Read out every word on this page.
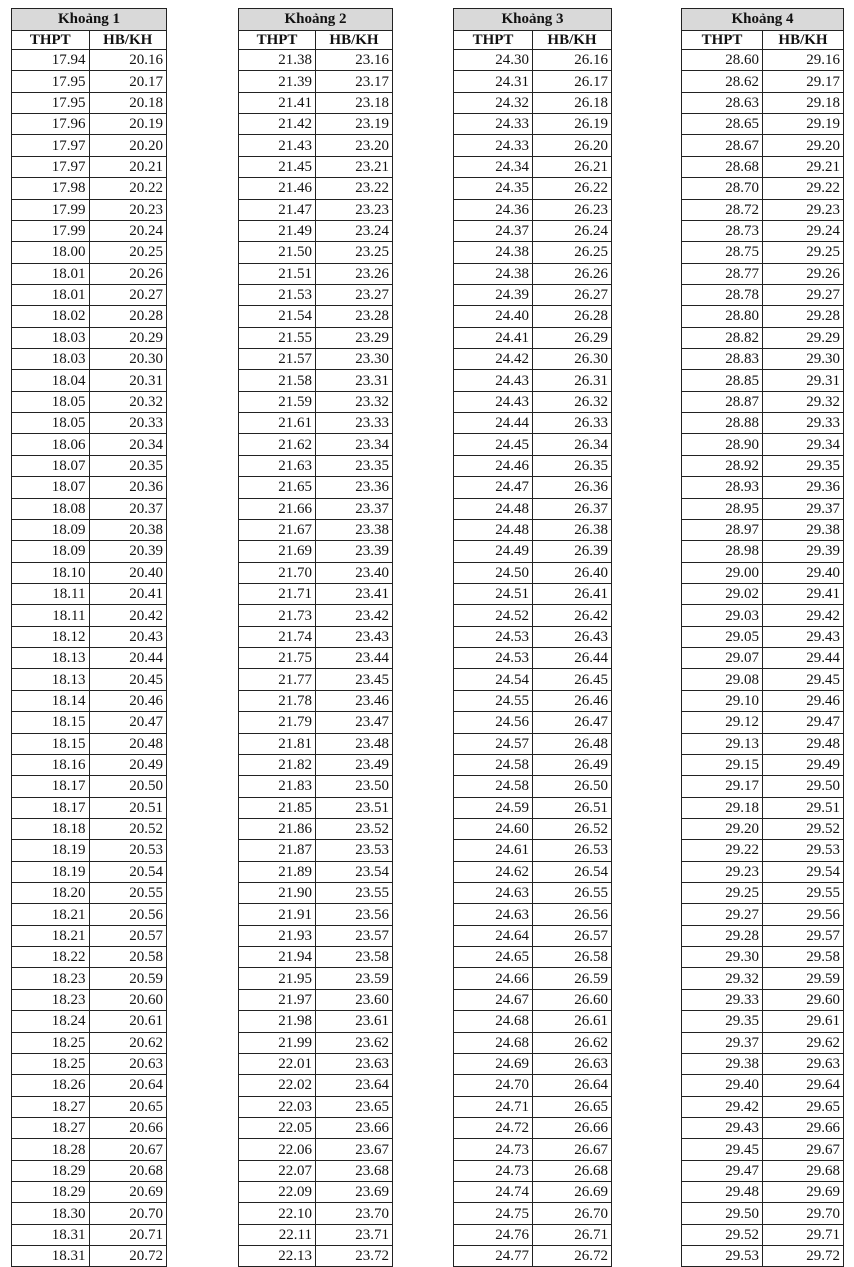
Khoảng 1	
THPT	HB/KH
17.94	20.16
17.95	20.17
17.95	20.18
17.96	20.19
17.97	20.20
17.97	20.21
17.98	20.22
17.99	20.23
17.99	20.24
18.00	20.25
18.01	20.26
18.01	20.27
18.02	20.28
18.03	20.29
18.03	20.30
18.04	20.31
18.05	20.32
18.05	20.33
18.06	20.34
18.07	20.35
18.07	20.36
18.08	20.37
18.09	20.38
18.09	20.39
18.10	20.40
18.11	20.41
18.11	20.42
18.12	20.43
18.13	20.44
18.13	20.45
18.14	20.46
18.15	20.47
18.15	20.48
18.16	20.49
18.17	20.50
18.17	20.51
18.18	20.52
18.19	20.53
18.19	20.54
18.20	20.55
18.21	20.56
18.21	20.57
18.22	20.58
18.23	20.59
18.23	20.60
18.24	20.61
18.25	20.62
18.25	20.63
18.26	20.64
18.27	20.65
18.27	20.66
18.28	20.67
18.29	20.68
18.29	20.69
18.30	20.70
18.31	20.71
18.31	20.72
Khoảng 2	
THPT	HB/KH
21.38	23.16
21.39	23.17
21.41	23.18
21.42	23.19
21.43	23.20
21.45	23.21
21.46	23.22
21.47	23.23
21.49	23.24
21.50	23.25
21.51	23.26
21.53	23.27
21.54	23.28
21.55	23.29
21.57	23.30
21.58	23.31
21.59	23.32
21.61	23.33
21.62	23.34
21.63	23.35
21.65	23.36
21.66	23.37
21.67	23.38
21.69	23.39
21.70	23.40
21.71	23.41
21.73	23.42
21.74	23.43
21.75	23.44
21.77	23.45
21.78	23.46
21.79	23.47
21.81	23.48
21.82	23.49
21.83	23.50
21.85	23.51
21.86	23.52
21.87	23.53
21.89	23.54
21.90	23.55
21.91	23.56
21.93	23.57
21.94	23.58
21.95	23.59
21.97	23.60
21.98	23.61
21.99	23.62
22.01	23.63
22.02	23.64
22.03	23.65
22.05	23.66
22.06	23.67
22.07	23.68
22.09	23.69
22.10	23.70
22.11	23.71
22.13	23.72
Khoảng 3	
THPT	HB/KH
24.30	26.16
24.31	26.17
24.32	26.18
24.33	26.19
24.33	26.20
24.34	26.21
24.35	26.22
24.36	26.23
24.37	26.24
24.38	26.25
24.38	26.26
24.39	26.27
24.40	26.28
24.41	26.29
24.42	26.30
24.43	26.31
24.43	26.32
24.44	26.33
24.45	26.34
24.46	26.35
24.47	26.36
24.48	26.37
24.48	26.38
24.49	26.39
24.50	26.40
24.51	26.41
24.52	26.42
24.53	26.43
24.53	26.44
24.54	26.45
24.55	26.46
24.56	26.47
24.57	26.48
24.58	26.49
24.58	26.50
24.59	26.51
24.60	26.52
24.61	26.53
24.62	26.54
24.63	26.55
24.63	26.56
24.64	26.57
24.65	26.58
24.66	26.59
24.67	26.60
24.68	26.61
24.68	26.62
24.69	26.63
24.70	26.64
24.71	26.65
24.72	26.66
24.73	26.67
24.73	26.68
24.74	26.69
24.75	26.70
24.76	26.71
24.77	26.72
Khoảng 4	
THPT	HB/KH
28.60	29.16
28.62	29.17
28.63	29.18
28.65	29.19
28.67	29.20
28.68	29.21
28.70	29.22
28.72	29.23
28.73	29.24
28.75	29.25
28.77	29.26
28.78	29.27
28.80	29.28
28.82	29.29
28.83	29.30
28.85	29.31
28.87	29.32
28.88	29.33
28.90	29.34
28.92	29.35
28.93	29.36
28.95	29.37
28.97	29.38
28.98	29.39
29.00	29.40
29.02	29.41
29.03	29.42
29.05	29.43
29.07	29.44
29.08	29.45
29.10	29.46
29.12	29.47
29.13	29.48
29.15	29.49
29.17	29.50
29.18	29.51
29.20	29.52
29.22	29.53
29.23	29.54
29.25	29.55
29.27	29.56
29.28	29.57
29.30	29.58
29.32	29.59
29.33	29.60
29.35	29.61
29.37	29.62
29.38	29.63
29.40	29.64
29.42	29.65
29.43	29.66
29.45	29.67
29.47	29.68
29.48	29.69
29.50	29.70
29.52	29.71
29.53	29.72
